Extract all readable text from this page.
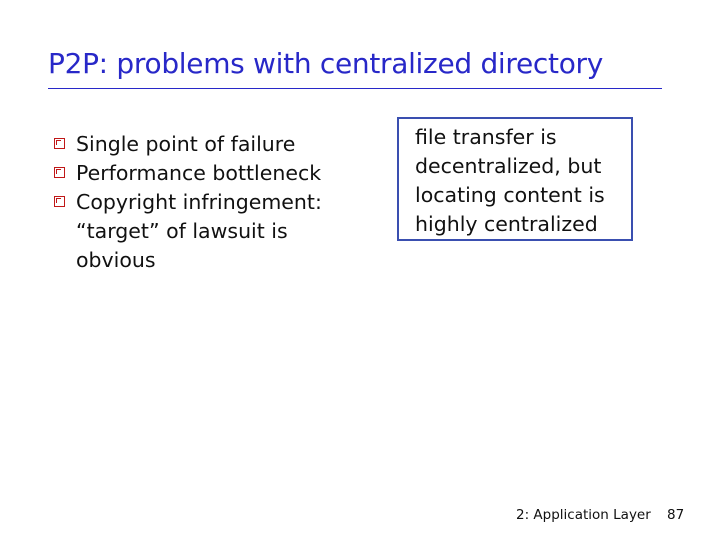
P2P: problems with centralized directory
Single point of failure
Performance bottleneck
Copyright infringement: “target” of lawsuit is obvious

file transfer is
decentralized, but
locating content is
highly centralized

2: Application Layer 87
